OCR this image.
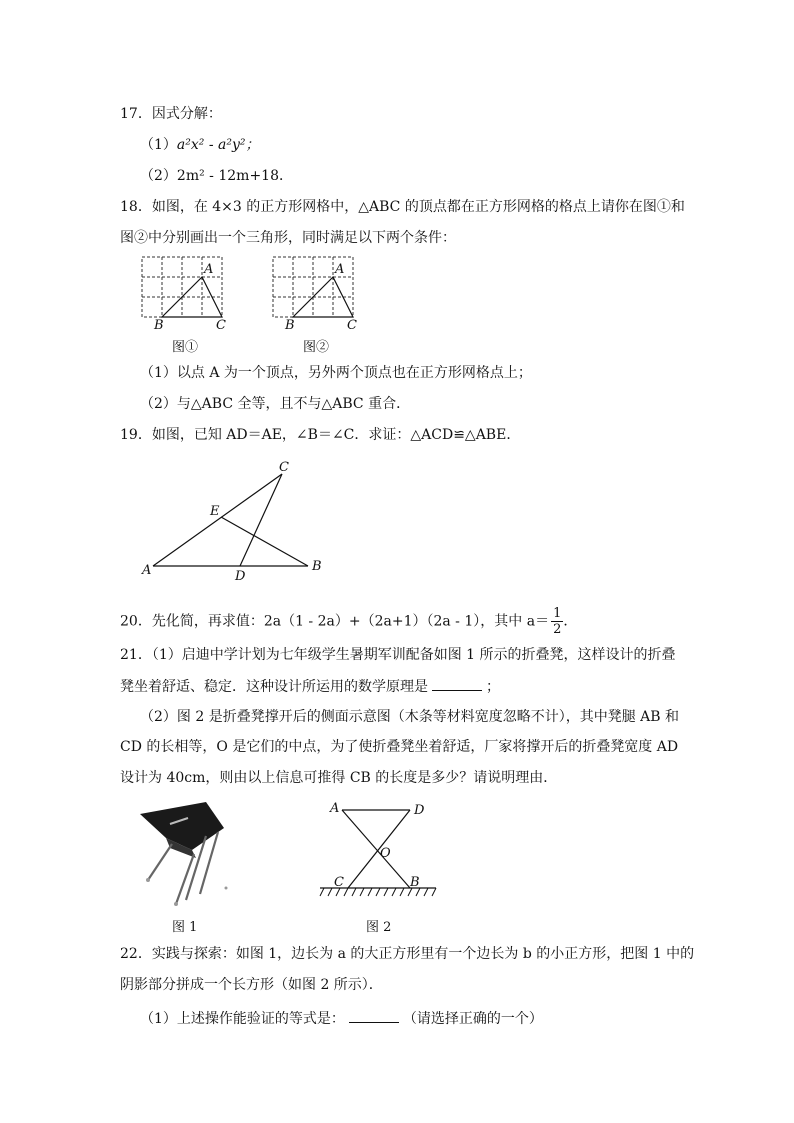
17．因式分解：
（1）a²x² ‑ a²y²；
（2）2m² ‑ 12m+18．
18．如图，在 4×3 的正方形网格中，△ABC 的顶点都在正方形网格的格点上请你在图①和
图②中分别画出一个三角形，同时满足以下两个条件：
A
B	C
图①
A
B	C
图②
（1）以点 A 为一个顶点，另外两个顶点也在正方形网格点上；
（2）与△ABC 全等，且不与△ABC 重合．
19．如图，已知 AD＝AE，∠B＝∠C．求证：△ACD≌△ABE．
A	B
C
D
E
20．先化简，再求值：2a（1 ‑ 2a）+（2a+1）（2a ‑ 1），其中 $a= \frac{1}{2}$ ．
21．（1）启迪中学计划为七年级学生暑期军训配备如图 1 所示的折叠凳，这样设计的折叠
凳坐着舒适、稳定．这种设计所运用的数学原理是	；
（2）图 2 是折叠凳撑开后的侧面示意图（木条等材料宽度忽略不计），其中凳腿 AB 和
CD 的长相等，O 是它们的中点，为了使折叠凳坐着舒适，厂家将撑开后的折叠凳宽度 AD
设计为 40cm，则由以上信息可推得 CB 的长度是多少？请说明理由．
图 1
A	D
O
C	B
图 2
22．实践与探索：如图 1，边长为 a 的大正方形里有一个边长为 b 的小正方形，把图 1 中的
阴影部分拼成一个长方形（如图 2 所示）．
（1）上述操作能验证的等式是：	（请选择正确的一个）
